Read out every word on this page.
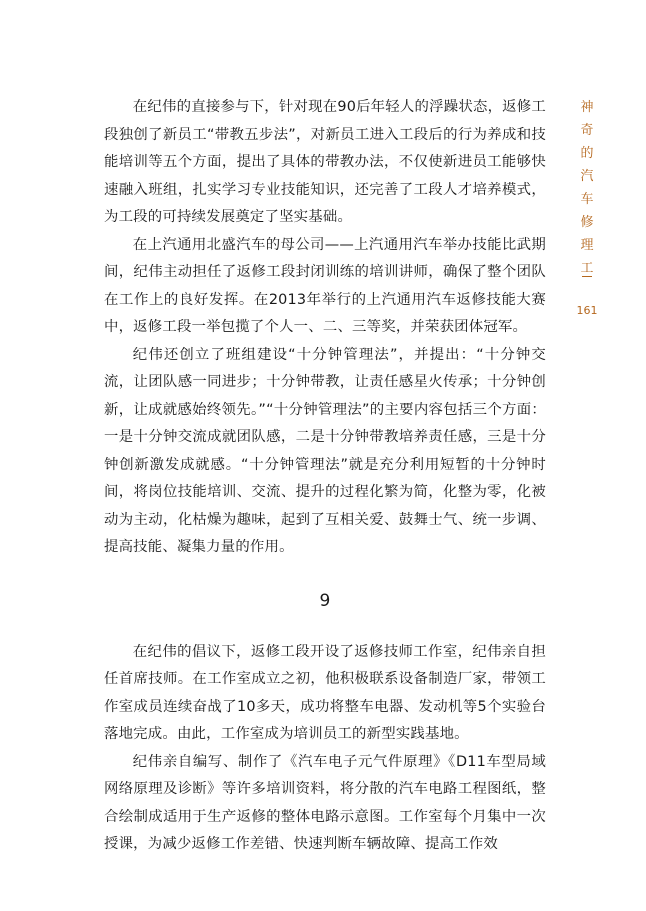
在纪伟的直接参与下，针对现在90后年轻人的浮躁状态，返修工段独创了新员工“带教五步法”，对新员工进入工段后的行为养成和技能培训等五个方面，提出了具体的带教办法，不仅使新进员工能够快速融入班组，扎实学习专业技能知识，还完善了工段人才培养模式，为工段的可持续发展奠定了坚实基础。

在上汽通用北盛汽车的母公司——上汽通用汽车举办技能比武期间，纪伟主动担任了返修工段封闭训练的培训讲师，确保了整个团队在工作上的良好发挥。在2013年举行的上汽通用汽车返修技能大赛中，返修工段一举包揽了个人一、二、三等奖，并荣获团体冠军。

纪伟还创立了班组建设“十分钟管理法”，并提出：“十分钟交流，让团队感一同进步；十分钟带教，让责任感星火传承；十分钟创新，让成就感始终领先。”“十分钟管理法”的主要内容包括三个方面：一是十分钟交流成就团队感，二是十分钟带教培养责任感，三是十分钟创新激发成就感。“十分钟管理法”就是充分利用短暂的十分钟时间，将岗位技能培训、交流、提升的过程化繁为简，化整为零，化被动为主动，化枯燥为趣味，起到了互相关爱、鼓舞士气、统一步调、提高技能、凝集力量的作用。

9

在纪伟的倡议下，返修工段开设了返修技师工作室，纪伟亲自担任首席技师。在工作室成立之初，他积极联系设备制造厂家，带领工作室成员连续奋战了10多天，成功将整车电器、发动机等5个实验台落地完成。由此，工作室成为培训员工的新型实践基地。

纪伟亲自编写、制作了《汽车电子元气件原理》《D11车型局域网络原理及诊断》等许多培训资料，将分散的汽车电路工程图纸，整合绘制成适用于生产返修的整体电路示意图。工作室每个月集中一次授课，为减少返修工作差错、快速判断车辆故障、提高工作效

神奇的汽车修理工
161
